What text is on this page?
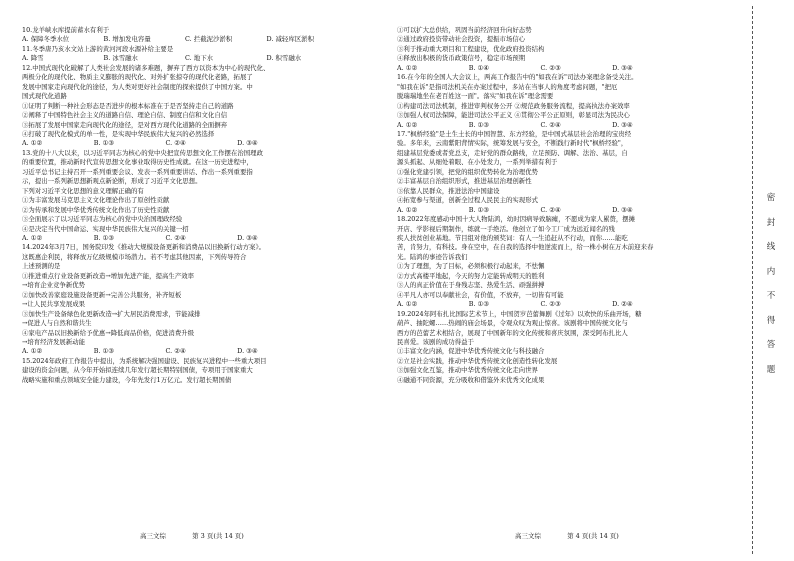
10.龙羊峡水库提前蓄水有利于
A. 保障冬季水位	B. 增加发电容量	C. 拦截泥沙淤积	D. 减轻库区淤积
11.冬季唐乃亥水文站上游的黄河河段水源补给主要是
A. 降雪	B. 冰雪融水	C. 地下水	D. 积雪融水
12.中国式现代化破解了人类社会发展的诸多难题，摒弃了西方以资本为中心的现代化、
两极分化的现代化、物质主义膨胀的现代化、对外扩张掠夺的现代化老路，拓展了
发展中国家走向现代化的途径，为人类对更好社会制度的探索提供了中国方案。中
国式现代化道路
①证明了判断一种社会形态是否进步的根本标准在于是否坚持走自己的道路
②阐释了中国特色社会主义的道路自信、理论自信、制度自信和文化自信
③拓展了发展中国家走向现代化的途径，是对西方现代化道路的全面摒弃
④打破了现代化模式的单一性，是实现中华民族伟大复兴的必然选择
A. ①②	B. ①③	C. ②④	D. ③④
13.党的十八大以来，以习近平同志为核心的党中央把宣传思想文化工作摆在治国理政
的重要位置，推动新时代宣传思想文化事业取得历史性成就。在这一历史进程中，
习近平总书记主持召开一系列重要会议、发表一系列重要讲话、作出一系列重要指
示，提出一系列新思想新观点新论断，形成了习近平文化思想。
下列对习近平文化思想的意义理解正确的有
①为丰富发展马克思主义文化理论作出了原创性贡献
②为传承和发展中华优秀传统文化作出了历史性贡献
③全面展示了以习近平同志为核心的党中央治国理政经验
④是决定当代中国命运、实现中华民族伟大复兴的关键一招
A. ①②	B. ①③	C. ②④	D. ③④
14.2024年3月7日，国务院印发《推动大规模设备更新和消费品以旧换新行动方案》。
这既惠企利民，将释放万亿级规模市场潜力。若不考虑其他因素，下列传导符合
上述预测的是
①推进重点行业设备更新改造→增加先进产能，提高生产效率
→培育企业竞争新优势
②加快改善家庭设施设备更新→完善公共服务，补齐短板
→让人民共享发展成果
③加快生产设备绿色化更新改造→扩大居民消费需求，节能减排
→促进人与自然和谐共生
④家电产品以旧换新给予优惠→降低商品价格，促进消费升级
→培育经济发展新动能
A. ①②	B. ①③	C. ②④	D. ③④
15.2024年政府工作报告中提出，为系统解决强国建设、民族复兴进程中一些重大项目
建设的资金问题，从今年开始拟连续几年发行超长期特别国债，专项用于国家重大
战略实施和重点领域安全能力建设，今年先发行1万亿元。发行超长期国债
①可以扩大总供给，巩固当前经济回升向好态势
②通过政府投资带动社会投资，提振市场信心
③利于推动重大项目和工程建设，优化政府投资结构
④释放出积极的货币政策信号，稳定市场预期
A. ①②	B. ①④	C. ②③	D. ③④
16.在今年的全国人大会议上，两高工作报告中的"如我在诉"司法办案理念备受关注。
"如我在诉"是指司法机关在办案过程中，多站在当事人的角度考虑问题，"把厄
脱瑞瑞地坐在老百姓这一面"。落实"如我在诉"理念需要
①构建司法司法机制，推进审判权务公开 ②规范政务服务流程，提高执法办案效率
③加强人权司法保障，能进司法公平正义 ④贯彻公平公正原则，彰显司法为民决心
A. ①②	B. ①③	C. ②④	D. ③④
17."枫桥经验"是土生土长的中国智慧、东方经验，是中国式基层社会治理的宝贵经
验。多年来，云南紫阳背情实际，统筹发展与安全，不断践行新时代"枫桥经验"，
组建基层党委或者党总支，走好党的群众路线，立足预防、调解、法治、基层，自
源头抓起、从细处着眼、在小处发力，一系列举措有利于
①强化党建引领，把党的组织优势转化为治理优势
②丰富基层自治组织形式，推进基层治理创新性
③依靠人民群众，推进法治中国建设
④拓宽参与渠道，创新全过程人民民主的实现形式
A. ①②	B. ①③	C. ②④	D. ③④
18.2022年度感动中国十大人物陆鸿，幼时因病导致脑瘫，不愿成为家人累赘，摆摊
开店、学影视后期制作，练就一手绝活。他创立了如今工厂成为远近闻名的残
疾人扶贫创业基地。节目组对他的颁奖词：有人一生追赶从不行动，而你……能吃
苦，肯努力，有科技。身在空中，在自我的选择中他逆流而上，给一株小树在万木前迎来春
光。陆鸿的事迹告诉我们
①为了理想，为了目标，必须积极行动起来，不怯懈
②方式高楼平地起，今天的努力定能转成明天的胜利
③人的真正价值在于身残志坚、热爱生活、顽强拼搏
④平凡人亦可以奉献社会，有价值，不放弃，一切皆有可能
A. ①②	B. ①③	C. ②③	D. ②④
19.2024年阿布扎比国际艺术节上，中国贺岁芭蕾舞剧《过年》以欢快的乐曲开场，糖
葫芦、抽陀螺……热闹的庙会场景，令观众叹为观止惊喜。该剧将中国传统文化与
西方的芭蕾艺术相结合，展现了中国新年的文化传统和喜庆氛围，深受阿布扎比人
民喜爱。该剧的成功得益于
①丰富文化内涵，促进中华优秀传统文化与科技融合
②立足社会实践，推动中华优秀传统文化创造性转化发展
③加强文化互鉴，推动中华优秀传统文化走向世界
④融通不同资源，充分吸收和借鉴外来优秀文化成果
高三文综	第 3 页(共 14 页)	高三文综	第 4 页(共 14 页)
密
封
线
内
不
得
答
题
